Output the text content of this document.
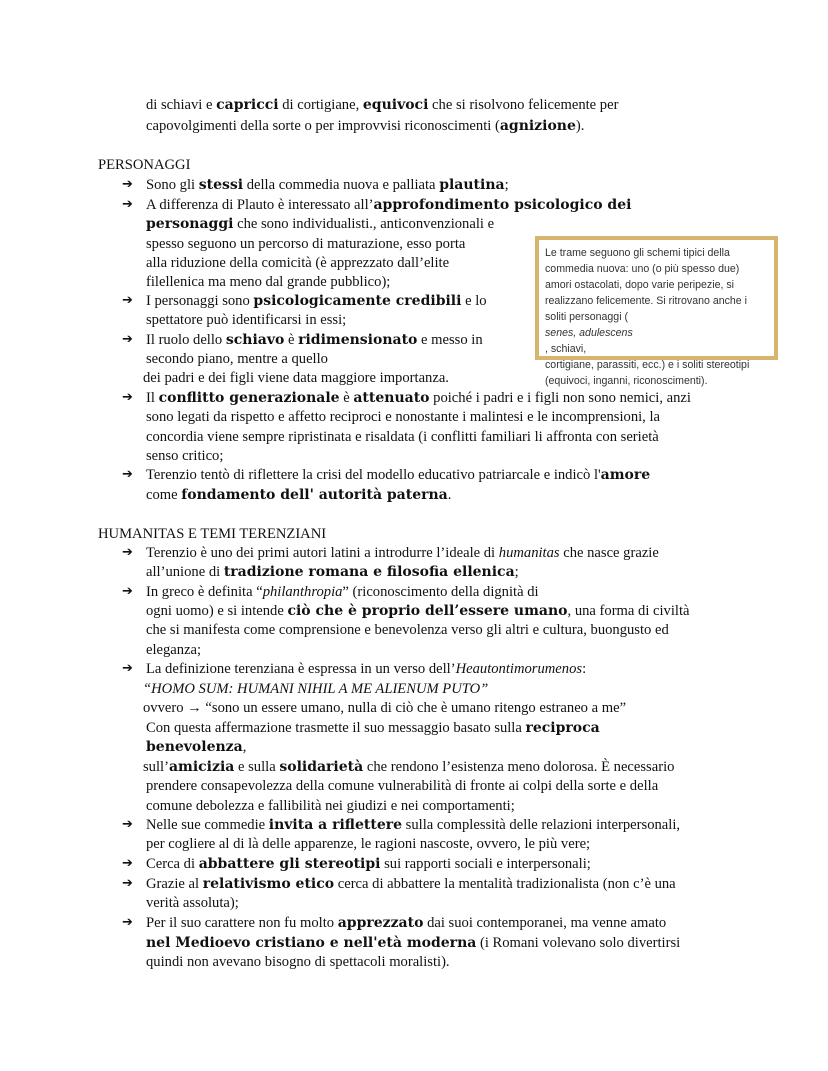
di schiavi e capricci di cortigiane, equivoci che si risolvono felicemente per
capovolgimenti della sorte o per improvvisi riconoscimenti (agnizione).
PERSONAGGI
➔ Sono gli stessi della commedia nuova e palliata plautina;
➔ A differenza di Plauto è interessato all’approfondimento psicologico dei
personaggi che sono individualisti., anticonvenzionali e
spesso seguono un percorso di maturazione, esso porta
alla riduzione della comicità (è apprezzato dall’elite
filellenica ma meno dal grande pubblico);
➔ I personaggi sono psicologicamente credibili e lo
spettatore può identificarsi in essi;
➔ Il ruolo dello schiavo è ridimensionato e messo in
secondo piano, mentre a quello
dei padri e dei figli viene data maggiore importanza.
➔ Il conflitto generazionale è attenuato poiché i padri e i figli non sono nemici, anzi
sono legati da rispetto e affetto reciproci e nonostante i malintesi e le incomprensioni, la
concordia viene sempre ripristinata e risaldata (i conflitti familiari li affronta con serietà
senso critico;
➔ Terenzio tentò di riflettere la crisi del modello educativo patriarcale e indicò l'amore
come fondamento dell' autorità paterna.
Le trame seguono gli schemi tipici della
commedia nuova: uno (o più spesso due)
amori ostacolati, dopo varie peripezie, si
realizzano felicemente. Si ritrovano anche i
soliti personaggi (
senes, adulescens
, schiavi,
cortigiane, parassiti, ecc.) e i soliti stereotipi
(equivoci, inganni, riconoscimenti).
HUMANITAS E TEMI TERENZIANI
➔ Terenzio è uno dei primi autori latini a introdurre l’ideale di humanitas che nasce grazie
all’unione di tradizione romana e filosofia ellenica;
➔ In greco è definita “philanthropia” (riconoscimento della dignità di
ogni uomo) e si intende ciò che è proprio dell’essere umano, una forma di civiltà
che si manifesta come comprensione e benevolenza verso gli altri e cultura, buongusto ed
eleganza;
➔ La definizione terenziana è espressa in un verso dell’Heautontimorumenos:
“HOMO SUM: HUMANI NIHIL A ME ALIENUM PUTO”
ovvero → “sono un essere umano, nulla di ciò che è umano ritengo estraneo a me”
Con questa affermazione trasmette il suo messaggio basato sulla reciproca
benevolenza,
sull’amicizia e sulla solidarietà che rendono l’esistenza meno dolorosa. È necessario
prendere consapevolezza della comune vulnerabilità di fronte ai colpi della sorte e della
comune debolezza e fallibilità nei giudizi e nei comportamenti;
➔ Nelle sue commedie invita a riflettere sulla complessità delle relazioni interpersonali,
per cogliere al di là delle apparenze, le ragioni nascoste, ovvero, le più vere;
➔ Cerca di abbattere gli stereotipi sui rapporti sociali e interpersonali;
➔ Grazie al relativismo etico cerca di abbattere la mentalità tradizionalista (non c’è una
verità assoluta);
➔ Per il suo carattere non fu molto apprezzato dai suoi contemporanei, ma venne amato
nel Medioevo cristiano e nell'età moderna (i Romani volevano solo divertirsi
quindi non avevano bisogno di spettacoli moralisti).
